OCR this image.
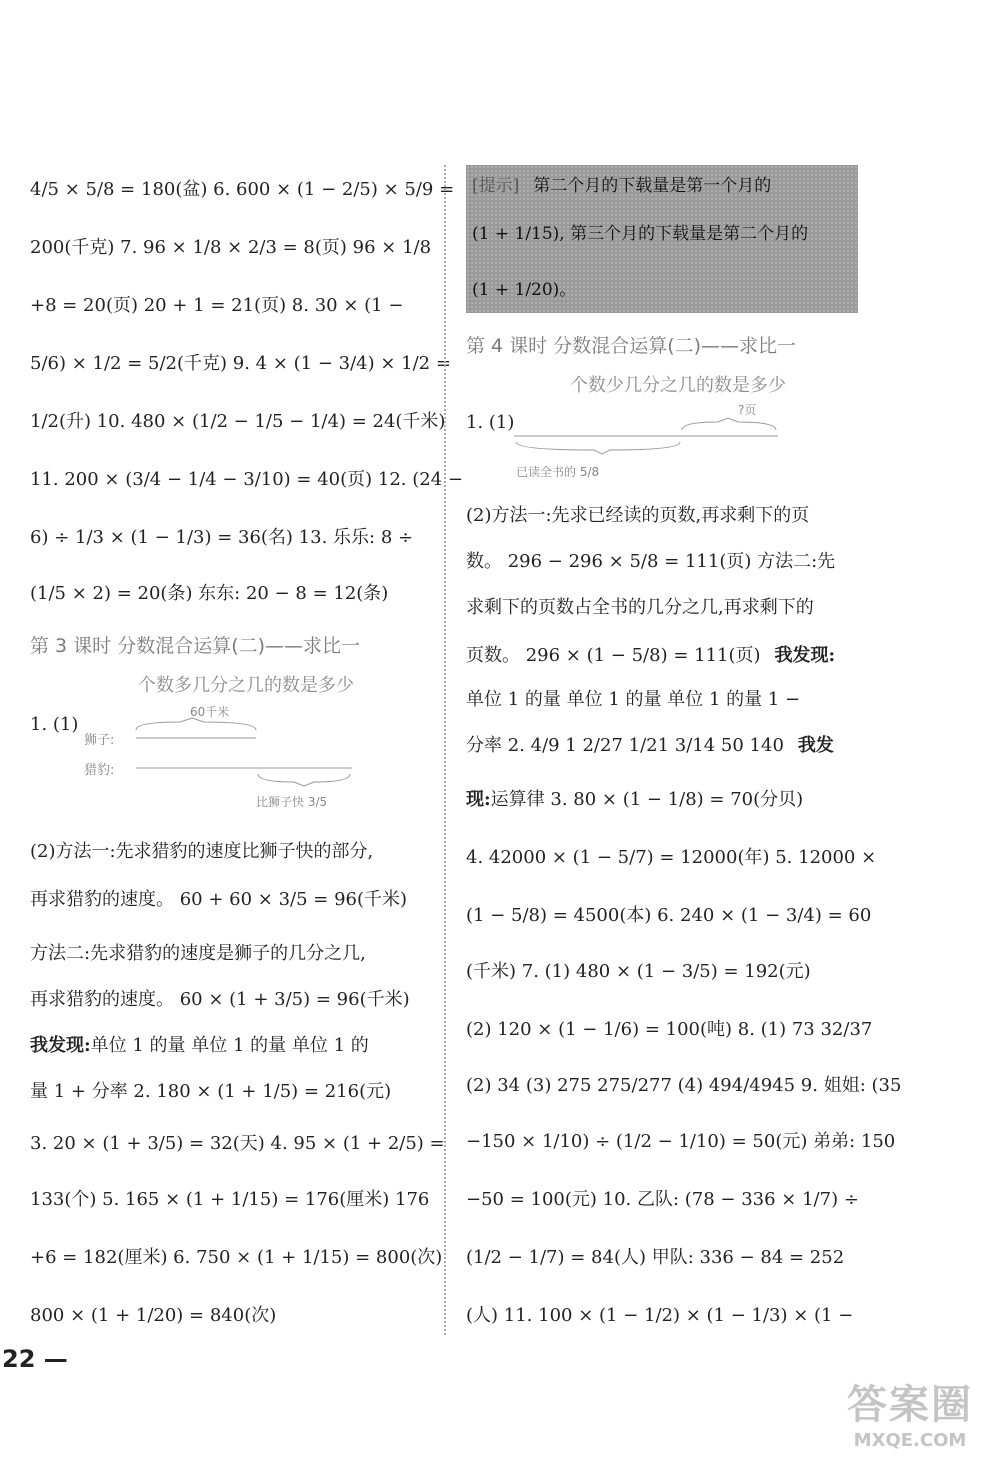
4/5 × 5/8 = 180(盆) 6. 600 × (1 − 2/5) × 5/9 =
200(千克) 7. 96 × 1/8 × 2/3 = 8(页) 96 × 1/8
+8 = 20(页) 20 + 1 = 21(页) 8. 30 × (1 −
5/6) × 1/2 = 5/2(千克) 9. 4 × (1 − 3/4) × 1/2 =
1/2(升) 10. 480 × (1/2 − 1/5 − 1/4) = 24(千米)
11. 200 × (3/4 − 1/4 − 3/10) = 40(页) 12. (24 −
6) ÷ 1/3 × (1 − 1/3) = 36(名) 13. 乐乐: 8 ÷
(1/5 × 2) = 20(条) 东东: 20 − 8 = 12(条)
第 3 课时 分数混合运算(二)——求比一
个数多几分之几的数是多少
1. (1)
60千米
狮子:
猎豹:
比狮子快 3/5
(2)方法一:先求猎豹的速度比狮子快的部分,
再求猎豹的速度。 60 + 60 × 3/5 = 96(千米)
方法二:先求猎豹的速度是狮子的几分之几,
再求猎豹的速度。 60 × (1 + 3/5) = 96(千米)
我发现: 单位 1 的量 单位 1 的量 单位 1 的
量 1 + 分率 2. 180 × (1 + 1/5) = 216(元)
3. 20 × (1 + 3/5) = 32(天) 4. 95 × (1 + 2/5) =
133(个) 5. 165 × (1 + 1/15) = 176(厘米) 176
+6 = 182(厘米) 6. 750 × (1 + 1/15) = 800(次)
800 × (1 + 1/20) = 840(次)
[提示] 第二个月的下载量是第一个月的
(1 + 1/15), 第三个月的下载量是第二个月的
(1 + 1/20)。
第 4 课时 分数混合运算(二)——求比一
个数少几分之几的数是多少
1. (1)
?页
已读全书的 5/8
(2)方法一:先求已经读的页数,再求剩下的页
数。 296 − 296 × 5/8 = 111(页) 方法二:先
求剩下的页数占全书的几分之几,再求剩下的
页数。 296 × (1 − 5/8) = 111(页) 我发现:
单位 1 的量 单位 1 的量 单位 1 的量 1 −
分率 2. 4/9 1 2/27 1/21 3/14 50 140 我发
现: 运算律 3. 80 × (1 − 1/8) = 70(分贝)
4. 42000 × (1 − 5/7) = 12000(年) 5. 12000 ×
(1 − 5/8) = 4500(本) 6. 240 × (1 − 3/4) = 60
(千米) 7. (1) 480 × (1 − 3/5) = 192(元)
(2) 120 × (1 − 1/6) = 100(吨) 8. (1) 73 32/37
(2) 34 (3) 275 275/277 (4) 494/4945 9. 姐姐: (35
−150 × 1/10) ÷ (1/2 − 1/10) = 50(元) 弟弟: 150
−50 = 100(元) 10. 乙队: (78 − 336 × 1/7) ÷
(1/2 − 1/7) = 84(人) 甲队: 336 − 84 = 252
(人) 11. 100 × (1 − 1/2) × (1 − 1/3) × (1 −
22 —
答案圈
MXQE.COM
